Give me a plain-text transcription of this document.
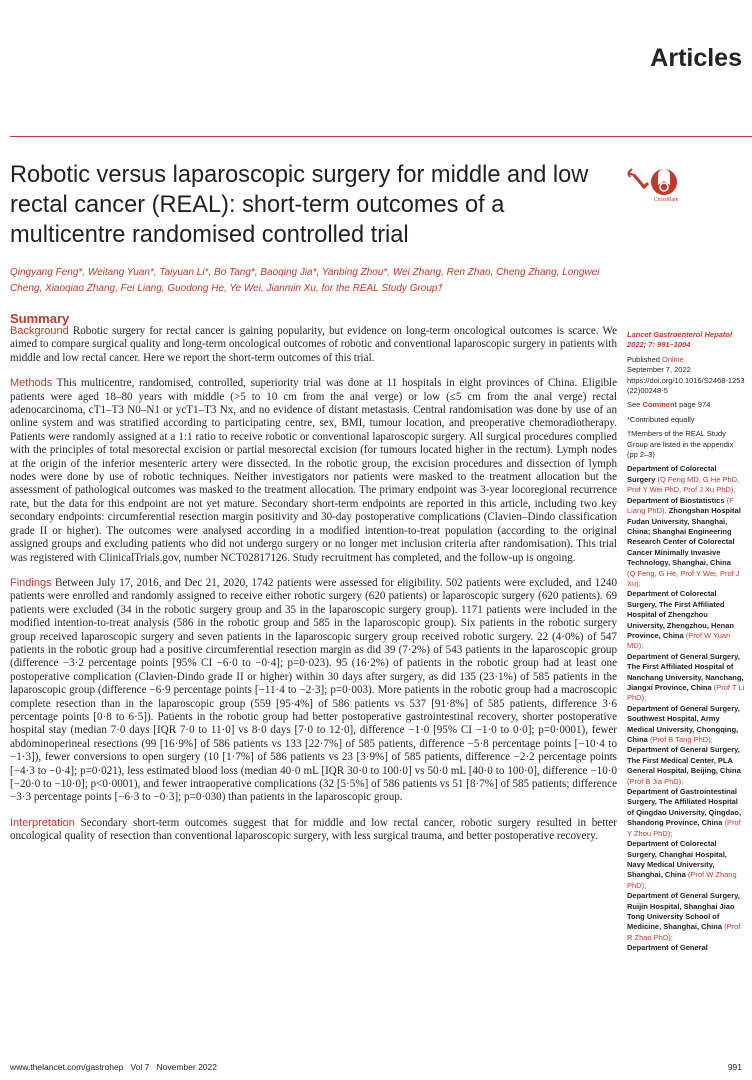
Articles
Robotic versus laparoscopic surgery for middle and low rectal cancer (REAL): short-term outcomes of a multicentre randomised controlled trial
CrossMark
Qingyang Feng*, Weitang Yuan*, Taiyuan Li*, Bo Tang*, Baoqing Jia*, Yanbing Zhou*, Wei Zhang, Ren Zhao, Cheng Zhang, Longwei Cheng, Xiaoqiao Zhang, Fei Liang, Guodong He, Ye Wei, Jianmin Xu, for the REAL Study Group†
Summary

Background Robotic surgery for rectal cancer is gaining popularity, but evidence on long-term oncological outcomes is scarce. We aimed to compare surgical quality and long-term oncological outcomes of robotic and conventional laparoscopic surgery in patients with middle and low rectal cancer. Here we report the short-term outcomes of this trial.

Methods This multicentre, randomised, controlled, superiority trial was done at 11 hospitals in eight provinces of China. Eligible patients were aged 18–80 years with middle (>5 to 10 cm from the anal verge) or low (≤5 cm from the anal verge) rectal adenocarcinoma, cT1–T3 N0–N1 or ycT1–T3 Nx, and no evidence of distant metastasis. Central randomisation was done by use of an online system and was stratified according to participating centre, sex, BMI, tumour location, and preoperative chemoradiotherapy. Patients were randomly assigned at a 1:1 ratio to receive robotic or conventional laparoscopic surgery. All surgical procedures complied with the principles of total mesorectal excision or partial mesorectal excision (for tumours located higher in the rectum). Lymph nodes at the origin of the inferior mesenteric artery were dissected. In the robotic group, the excision procedures and dissection of lymph nodes were done by use of robotic techniques. Neither investigators nor patients were masked to the treatment allocation but the assessment of pathological outcomes was masked to the treatment allocation. The primary endpoint was 3-year locoregional recurrence rate, but the data for this endpoint are not yet mature. Secondary short-term endpoints are reported in this article, including two key secondary endpoints: circumferential resection margin positivity and 30-day postoperative complications (Clavien–Dindo classification grade II or higher). The outcomes were analysed according in a modified intention-to-treat population (according to the original assigned groups and excluding patients who did not undergo surgery or no longer met inclusion criteria after randomisation). This trial was registered with ClinicalTrials.gov, number NCT02817126. Study recruitment has completed, and the follow-up is ongoing.

Findings Between July 17, 2016, and Dec 21, 2020, 1742 patients were assessed for eligibility. 502 patients were excluded, and 1240 patients were enrolled and randomly assigned to receive either robotic surgery (620 patients) or laparoscopic surgery (620 patients). 69 patients were excluded (34 in the robotic surgery group and 35 in the laparoscopic surgery group). 1171 patients were included in the modified intention-to-treat analysis (586 in the robotic group and 585 in the laparoscopic group). Six patients in the robotic surgery group received laparoscopic surgery and seven patients in the laparoscopic surgery group received robotic surgery. 22 (4·0%) of 547 patients in the robotic group had a positive circumferential resection margin as did 39 (7·2%) of 543 patients in the laparoscopic group (difference −3·2 percentage points [95% CI −6·0 to −0·4]; p=0·023). 95 (16·2%) of patients in the robotic group had at least one postoperative complication (Clavien-Dindo grade II or higher) within 30 days after surgery, as did 135 (23·1%) of 585 patients in the laparoscopic group (difference −6·9 percentage points [−11·4 to −2·3]; p=0·003). More patients in the robotic group had a macroscopic complete resection than in the laparoscopic group (559 [95·4%] of 586 patients vs 537 [91·8%] of 585 patients, difference 3·6 percentage points [0·8 to 6·5]). Patients in the robotic group had better postoperative gastrointestinal recovery, shorter postoperative hospital stay (median 7·0 days [IQR 7·0 to 11·0] vs 8·0 days [7·0 to 12·0], difference −1·0 [95% CI −1·0 to 0·0]; p=0·0001), fewer abdominoperineal resections (99 [16·9%] of 586 patients vs 133 [22·7%] of 585 patients, difference −5·8 percentage points [−10·4 to −1·3]), fewer conversions to open surgery (10 [1·7%] of 586 patients vs 23 [3·9%] of 585 patients, difference −2·2 percentage points [−4·3 to −0·4]; p=0·021), less estimated blood loss (median 40·0 mL [IQR 30·0 to 100·0] vs 50·0 mL [40·0 to 100·0], difference −10·0 [−20·0 to −10·0]; p<0·0001), and fewer intraoperative complications (32 [5·5%] of 586 patients vs 51 [8·7%] of 585 patients; difference −3·3 percentage points [−6·3 to −0·3]; p=0·030) than patients in the laparoscopic group.

Interpretation Secondary short-term outcomes suggest that for middle and low rectal cancer, robotic surgery resulted in better oncological quality of resection than conventional laparoscopic surgery, with less surgical trauma, and better postoperative recovery.

Lancet Gastroenterol Hepatol 2022; 7: 991–1004

Published Online
September 7, 2022
https://doi.org/10.1016/S2468-1253(22)00248-5

See Comment page 974

*Contributed equally

†Members of the REAL Study Group are listed in the appendix (pp 2–3)

Department of Colorectal Surgery (Q Feng MD, G He PhD, Prof Y Wei PhD, Prof J Xu PhD),
Department of Biostatistics (F Liang PhD), Zhongshan Hospital Fudan University, Shanghai, China; Shanghai Engineering Research Center of Colorectal Cancer Minimally Invasive Technology, Shanghai, China
(Q Feng, G He, Prof Y Wei, Prof J Xu);
Department of Colorectal Surgery, The First Affiliated Hospital of Zhengzhou University, Zhengzhou, Henan Province, China (Prof W Yuan MD);
Department of General Surgery, The First Affiliated Hospital of Nanchang University, Nanchang, Jiangxi Province, China (Prof T Li PhD);
Department of General Surgery, Southwest Hospital, Army Medical University, Chongqing, China (Prof B Tang PhD);
Department of General Surgery, The First Medical Center, PLA General Hospital, Beijing, China (Prof B Jia PhD);
Department of Gastrointestinal Surgery, The Affiliated Hospital of Qingdao University, Qingdao, Shandong Province, China (Prof Y Zhou PhD);
Department of Colorectal Surgery, Changhai Hospital, Navy Medical University, Shanghai, China (Prof W Zhang PhD);
Department of General Surgery, Ruijin Hospital, Shanghai Jiao Tong University School of Medicine, Shanghai, China (Prof R Zhao PhD);
Department of General
www.thelancet.com/gastrohep Vol 7 November 2022	991
